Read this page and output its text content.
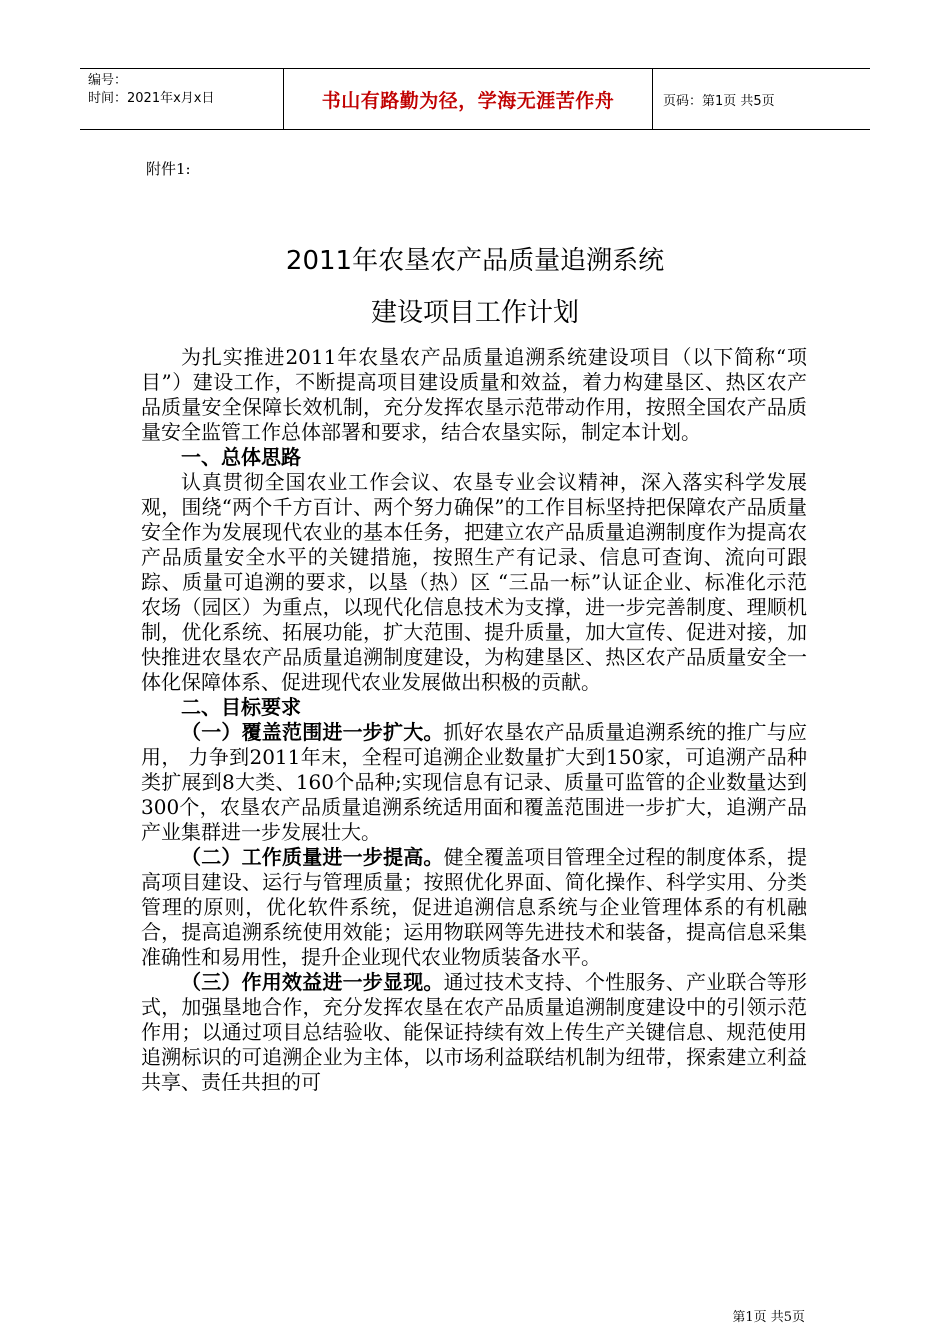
编号：
时间：2021年x月x日	书山有路勤为径，学海无涯苦作舟	页码：第1页 共5页
附件1:
2011年农垦农产品质量追溯系统
建设项目工作计划

为扎实推进2011年农垦农产品质量追溯系统建设项目（以下简称“项目”）建设工作，不断提高项目建设质量和效益，着力构建垦区、热区农产品质量安全保障长效机制，充分发挥农垦示范带动作用，按照全国农产品质量安全监管工作总体部署和要求，结合农垦实际，制定本计划。

一、总体思路

认真贯彻全国农业工作会议、农垦专业会议精神，深入落实科学发展观，围绕“两个千方百计、两个努力确保”的工作目标坚持把保障农产品质量安全作为发展现代农业的基本任务，把建立农产品质量追溯制度作为提高农产品质量安全水平的关键措施，按照生产有记录、信息可查询、流向可跟踪、质量可追溯的要求，以垦（热）区 “三品一标”认证企业、标准化示范农场（园区）为重点，以现代化信息技术为支撑，进一步完善制度、理顺机制，优化系统、拓展功能，扩大范围、提升质量，加大宣传、促进对接，加快推进农垦农产品质量追溯制度建设，为构建垦区、热区农产品质量安全一体化保障体系、促进现代农业发展做出积极的贡献。

二、目标要求

（一）覆盖范围进一步扩大。抓好农垦农产品质量追溯系统的推广与应用， 力争到2011年末，全程可追溯企业数量扩大到150家，可追溯产品种类扩展到8大类、160个品种;实现信息有记录、质量可监管的企业数量达到300个，农垦农产品质量追溯系统适用面和覆盖范围进一步扩大，追溯产品产业集群进一步发展壮大。

（二）工作质量进一步提高。健全覆盖项目管理全过程的制度体系，提高项目建设、运行与管理质量；按照优化界面、简化操作、科学实用、分类管理的原则，优化软件系统，促进追溯信息系统与企业管理体系的有机融合，提高追溯系统使用效能；运用物联网等先进技术和装备，提高信息采集准确性和易用性，提升企业现代农业物质装备水平。

（三）作用效益进一步显现。通过技术支持、个性服务、产业联合等形式，加强垦地合作，充分发挥农垦在农产品质量追溯制度建设中的引领示范作用；以通过项目总结验收、能保证持续有效上传生产关键信息、规范使用追溯标识的可追溯企业为主体，以市场利益联结机制为纽带，探索建立利益共享、责任共担的可

第1页 共5页
